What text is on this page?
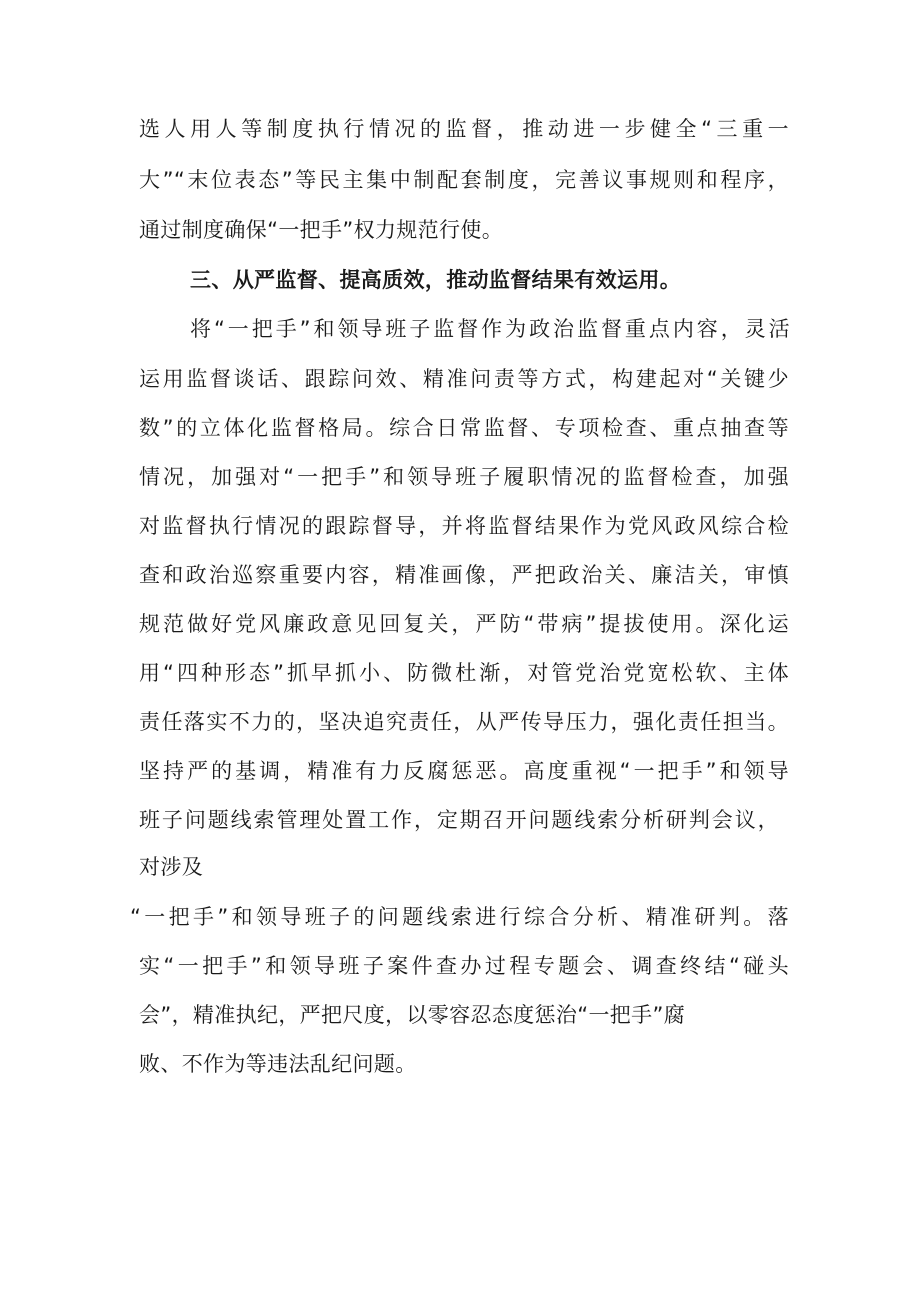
选人用人等制度执行情况的监督，推动进一步健全“三重一
大”“末位表态”等民主集中制配套制度，完善议事规则和程序，
通过制度确保“一把手”权力规范行使。
三、从严监督、提高质效，推动监督结果有效运用。
将“一把手”和领导班子监督作为政治监督重点内容，灵活
运用监督谈话、跟踪问效、精准问责等方式，构建起对“关键少
数”的立体化监督格局。综合日常监督、专项检查、重点抽查等
情况，加强对“一把手”和领导班子履职情况的监督检查，加强
对监督执行情况的跟踪督导，并将监督结果作为党风政风综合检
查和政治巡察重要内容，精准画像，严把政治关、廉洁关，审慎
规范做好党风廉政意见回复关，严防“带病”提拔使用。深化运
用“四种形态”抓早抓小、防微杜渐，对管党治党宽松软、主体
责任落实不力的，坚决追究责任，从严传导压力，强化责任担当。
坚持严的基调，精准有力反腐惩恶。高度重视“一把手”和领导
班子问题线索管理处置工作，定期召开问题线索分析研判会议，
对涉及
“一把手”和领导班子的问题线索进行综合分析、精准研判。落
实“一把手”和领导班子案件查办过程专题会、调查终结“碰头
会”，精准执纪，严把尺度，以零容忍态度惩治“一把手”腐
败、不作为等违法乱纪问题。
